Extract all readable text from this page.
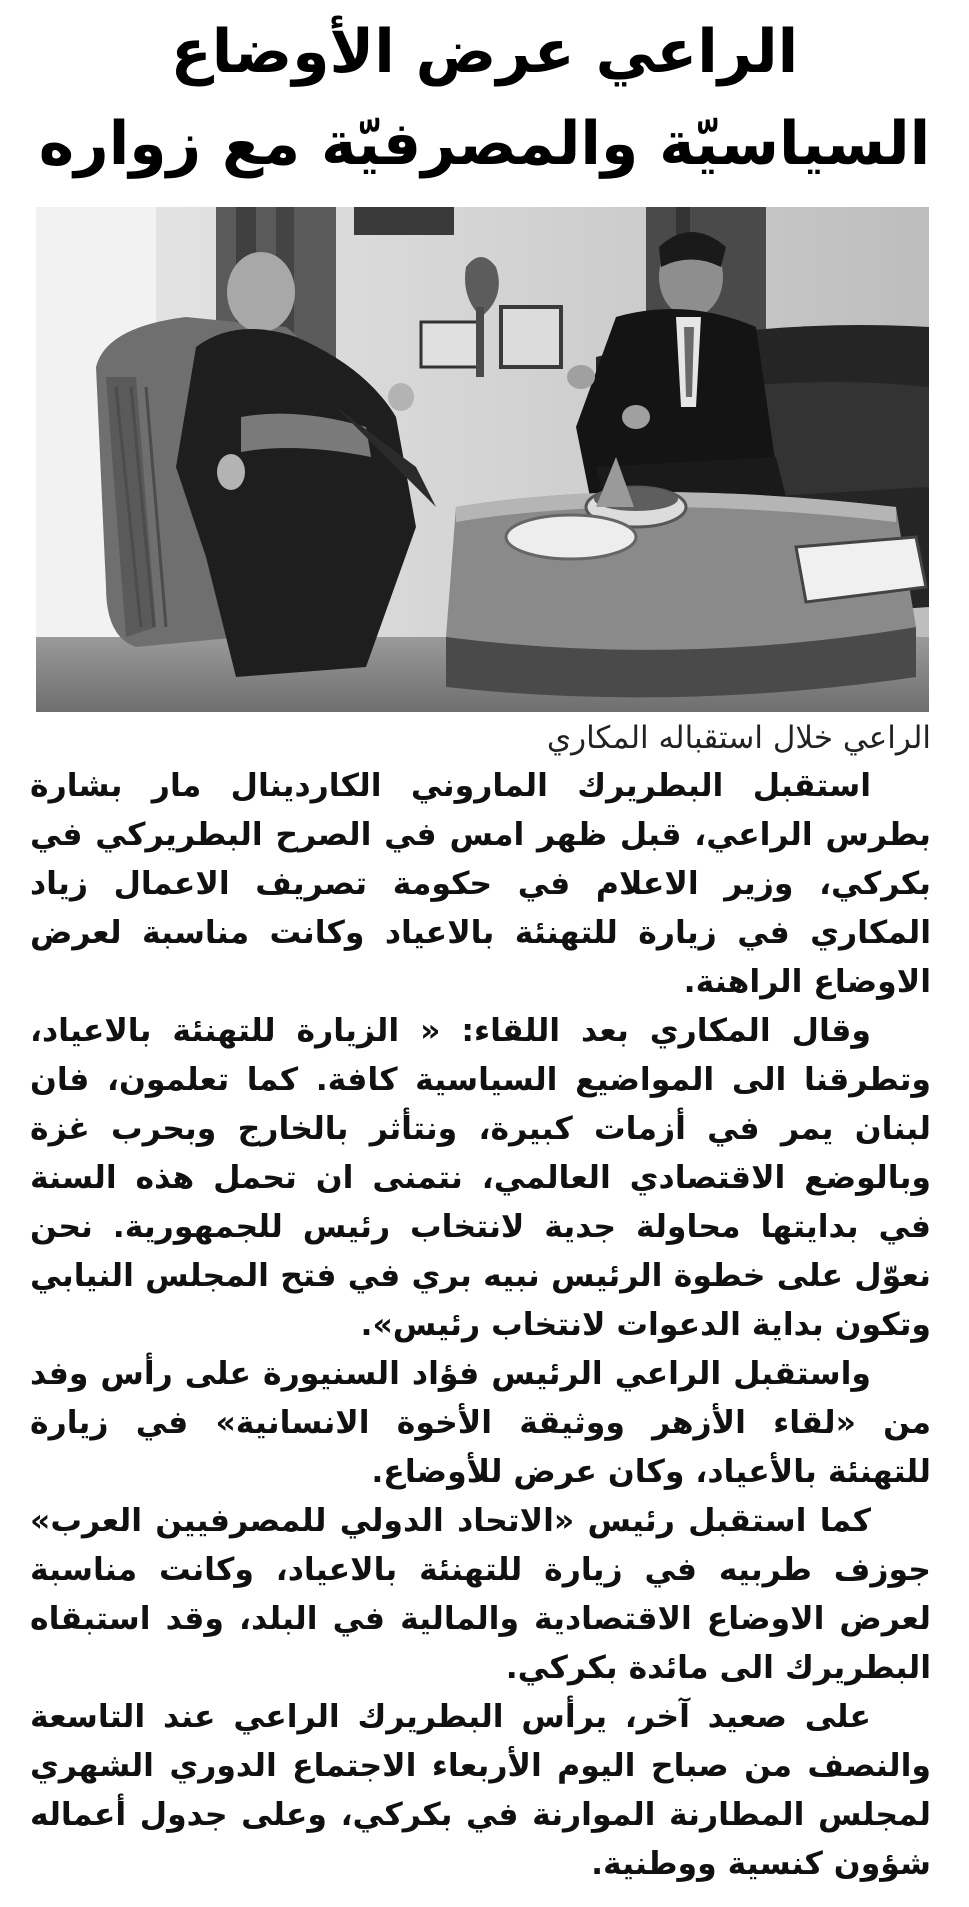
الراعي عرض الأوضاع
السياسيّة والمصرفيّة مع زواره
الراعي خلال استقباله المكاري

استقبل البطريرك الماروني الكاردينال مار بشارة بطرس الراعي، قبل ظهر امس في الصرح البطريركي في بكركي، وزير الاعلام في حكومة تصريف الاعمال زياد المكاري في زيارة للتهنئة بالاعياد وكانت مناسبة لعرض الاوضاع الراهنة.

وقال المكاري بعد اللقاء: « الزيارة للتهنئة بالاعياد، وتطرقنا الى المواضيع السياسية كافة. كما تعلمون، فان لبنان يمر في أزمات كبيرة، ونتأثر بالخارج وبحرب غزة وبالوضع الاقتصادي العالمي، نتمنى ان تحمل هذه السنة في بدايتها محاولة جدية لانتخاب رئيس للجمهورية. نحن نعوّل على خطوة الرئيس نبيه بري في فتح المجلس النيابي وتكون بداية الدعوات لانتخاب رئيس».

واستقبل الراعي الرئيس فؤاد السنيورة على رأس وفد من «لقاء الأزهر ووثيقة الأخوة الانسانية» في زيارة للتهنئة بالأعياد، وكان عرض للأوضاع.

كما استقبل رئيس «الاتحاد الدولي للمصرفيين العرب» جوزف طربيه في زيارة للتهنئة بالاعياد، وكانت مناسبة لعرض الاوضاع الاقتصادية والمالية في البلد، وقد استبقاه البطريرك الى مائدة بكركي.

على صعيد آخر، يرأس البطريرك الراعي عند التاسعة والنصف من صباح اليوم الأربعاء الاجتماع الدوري الشهري لمجلس المطارنة الموارنة في بكركي، وعلى جدول أعماله شؤون كنسية ووطنية.
